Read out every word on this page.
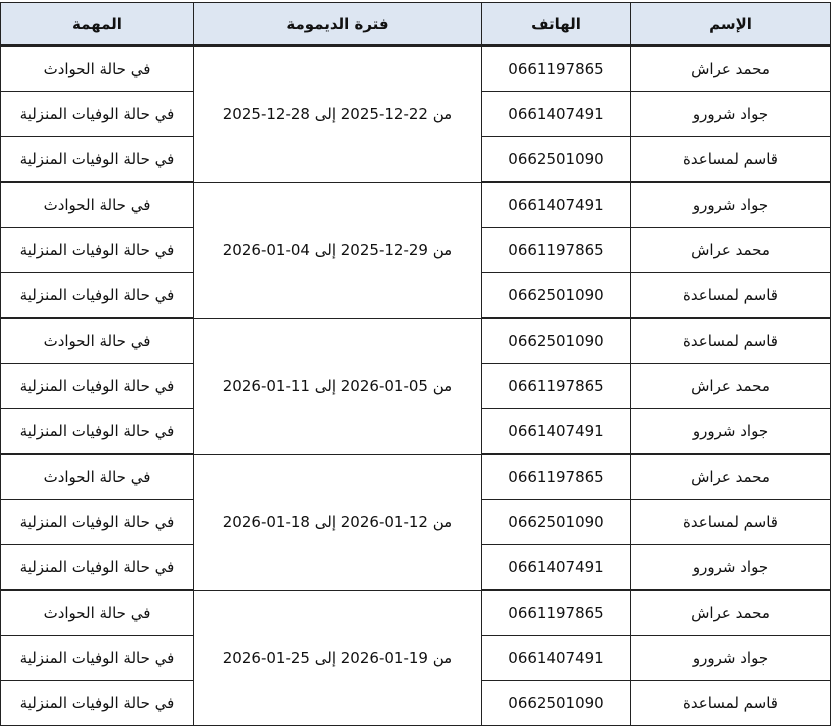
الإسم	الهاتف	فترة الديمومة	المهمة
محمد عراش	0661197865	من 22-12-2025 إلى 28-12-2025	في حالة الحوادث
جواد شرورو	0661407491		في حالة الوفيات المنزلية
قاسم لمساعدة	0662501090		في حالة الوفيات المنزلية
جواد شرورو	0661407491	من 29-12-2025 إلى 04-01-2026	في حالة الحوادث
محمد عراش	0661197865		في حالة الوفيات المنزلية
قاسم لمساعدة	0662501090		في حالة الوفيات المنزلية
قاسم لمساعدة	0662501090	من 05-01-2026 إلى 11-01-2026	في حالة الحوادث
محمد عراش	0661197865		في حالة الوفيات المنزلية
جواد شرورو	0661407491		في حالة الوفيات المنزلية
محمد عراش	0661197865	من 12-01-2026 إلى 18-01-2026	في حالة الحوادث
قاسم لمساعدة	0662501090		في حالة الوفيات المنزلية
جواد شرورو	0661407491		في حالة الوفيات المنزلية
محمد عراش	0661197865	من 19-01-2026 إلى 25-01-2026	في حالة الحوادث
جواد شرورو	0661407491		في حالة الوفيات المنزلية
قاسم لمساعدة	0662501090		في حالة الوفيات المنزلية
